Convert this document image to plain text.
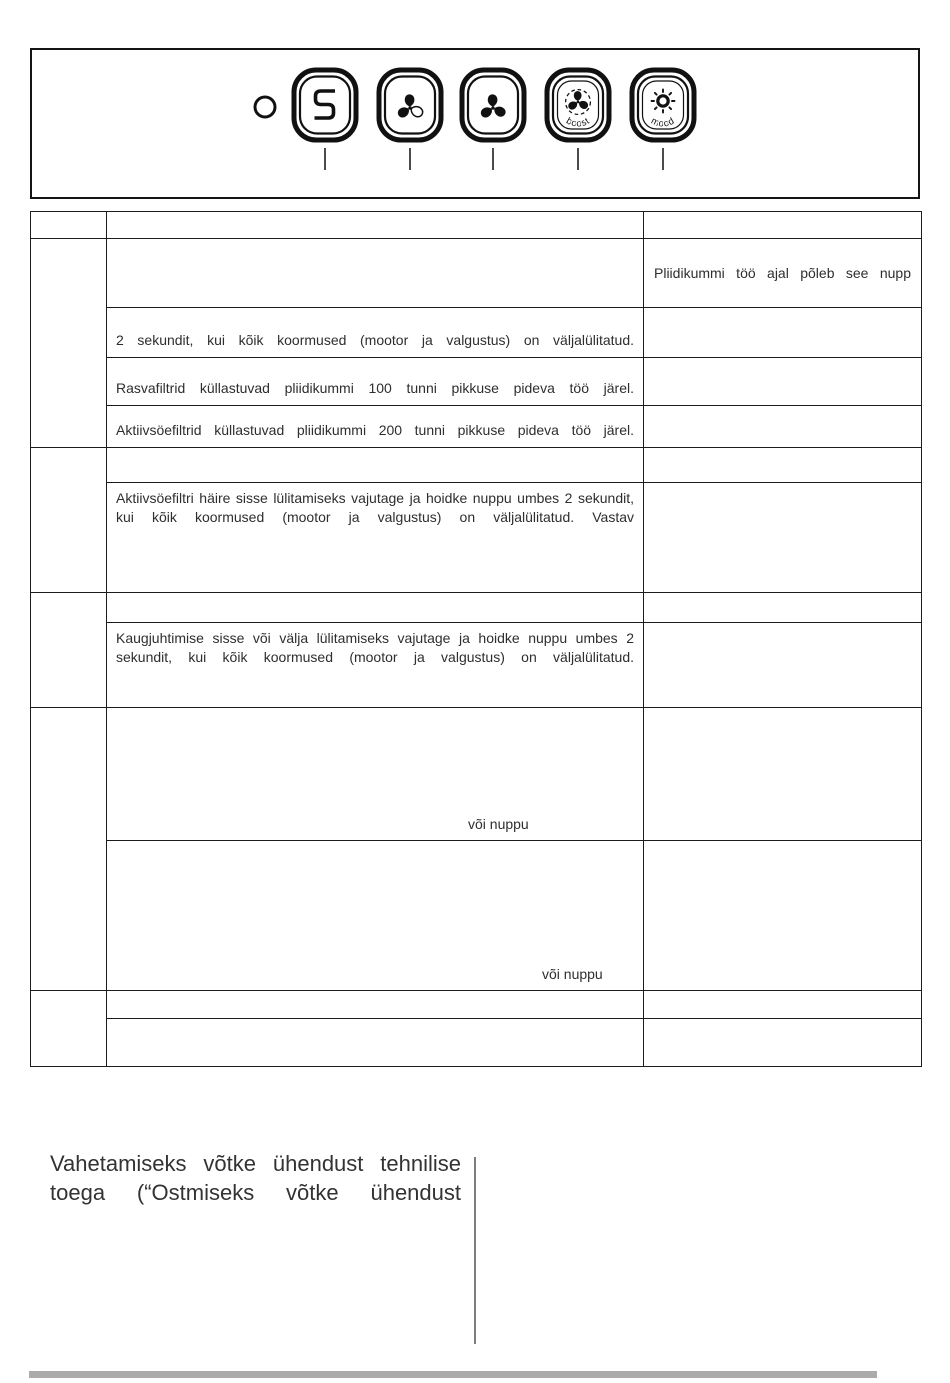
boost	mood

		Pliidikummi töö ajal põleb see nupp
	2 sekundit, kui kõik koormused (mootor ja valgustus) on väljalülitatud.	
	Rasvafiltrid küllastuvad pliidikummi 100 tunni pikkuse pideva töö järel.	
	Aktiivsöefiltrid küllastuvad pliidikummi 200 tunni pikkuse pideva töö järel.	

	Aktiivsöefiltri häire sisse lülitamiseks vajutage ja hoidke nuppu umbes 2 sekundit, kui kõik koormused (mootor ja valgustus) on väljalülitatud. Vastav	

	Kaugjuhtimise sisse või välja lülitamiseks vajutage ja hoidke nuppu umbes 2 sekundit, kui kõik koormused (mootor ja valgustus) on väljalülitatud.	
	või nuppu	
	või nuppu	

Vahetamiseks võtke ühendust tehnilise
toega (“Ostmiseks võtke ühendust
